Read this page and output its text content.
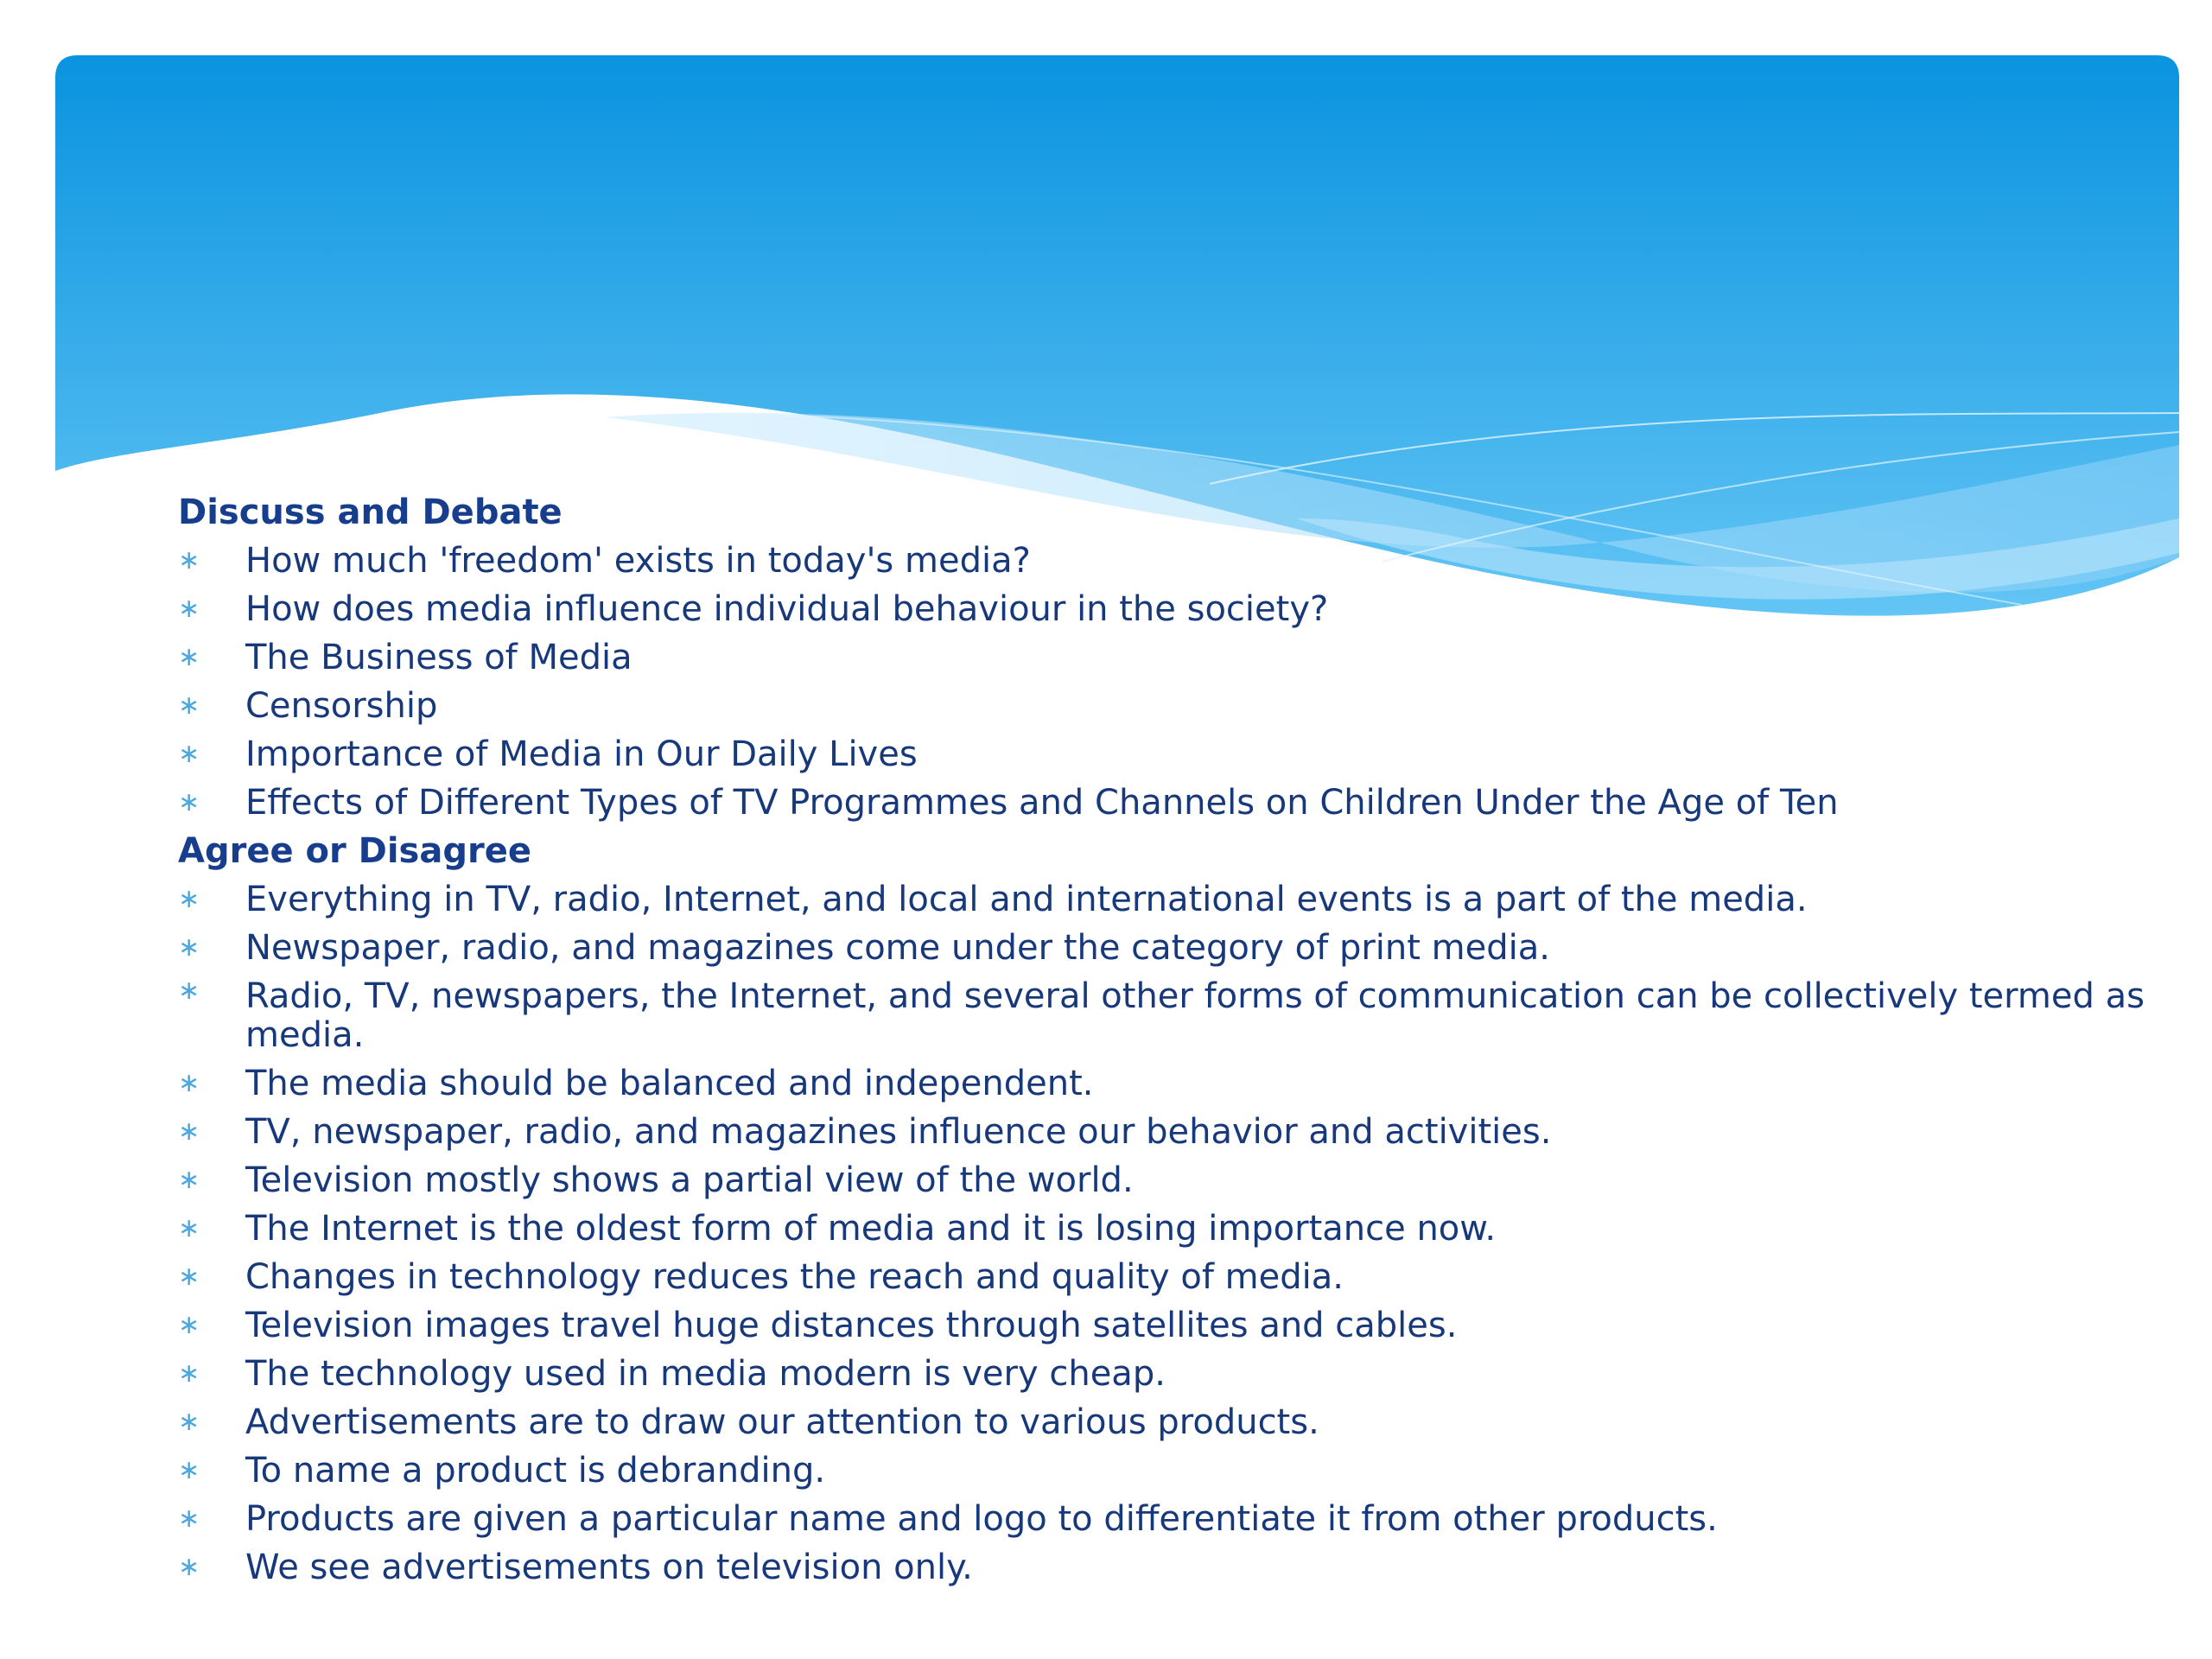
Discuss and Debate
∗ How much 'freedom' exists in today's media?
∗ How does media influence individual behaviour in the society?
∗ The Business of Media
∗ Censorship
∗ Importance of Media in Our Daily Lives
∗ Effects of Different Types of TV Programmes and Channels on Children Under the Age of Ten
Agree or Disagree
∗ Everything in TV, radio, Internet, and local and international events is a part of the media.
∗ Newspaper, radio, and magazines come under the category of print media.
∗ Radio, TV, newspapers, the Internet, and several other forms of communication can be collectively termed as media.
∗ The media should be balanced and independent.
∗ TV, newspaper, radio, and magazines influence our behavior and activities.
∗ Television mostly shows a partial view of the world.
∗ The Internet is the oldest form of media and it is losing importance now.
∗ Changes in technology reduces the reach and quality of media.
∗ Television images travel huge distances through satellites and cables.
∗ The technology used in media modern is very cheap.
∗ Advertisements are to draw our attention to various products.
∗ To name a product is debranding.
∗ Products are given a particular name and logo to differentiate it from other products.
∗ We see advertisements on television only.
